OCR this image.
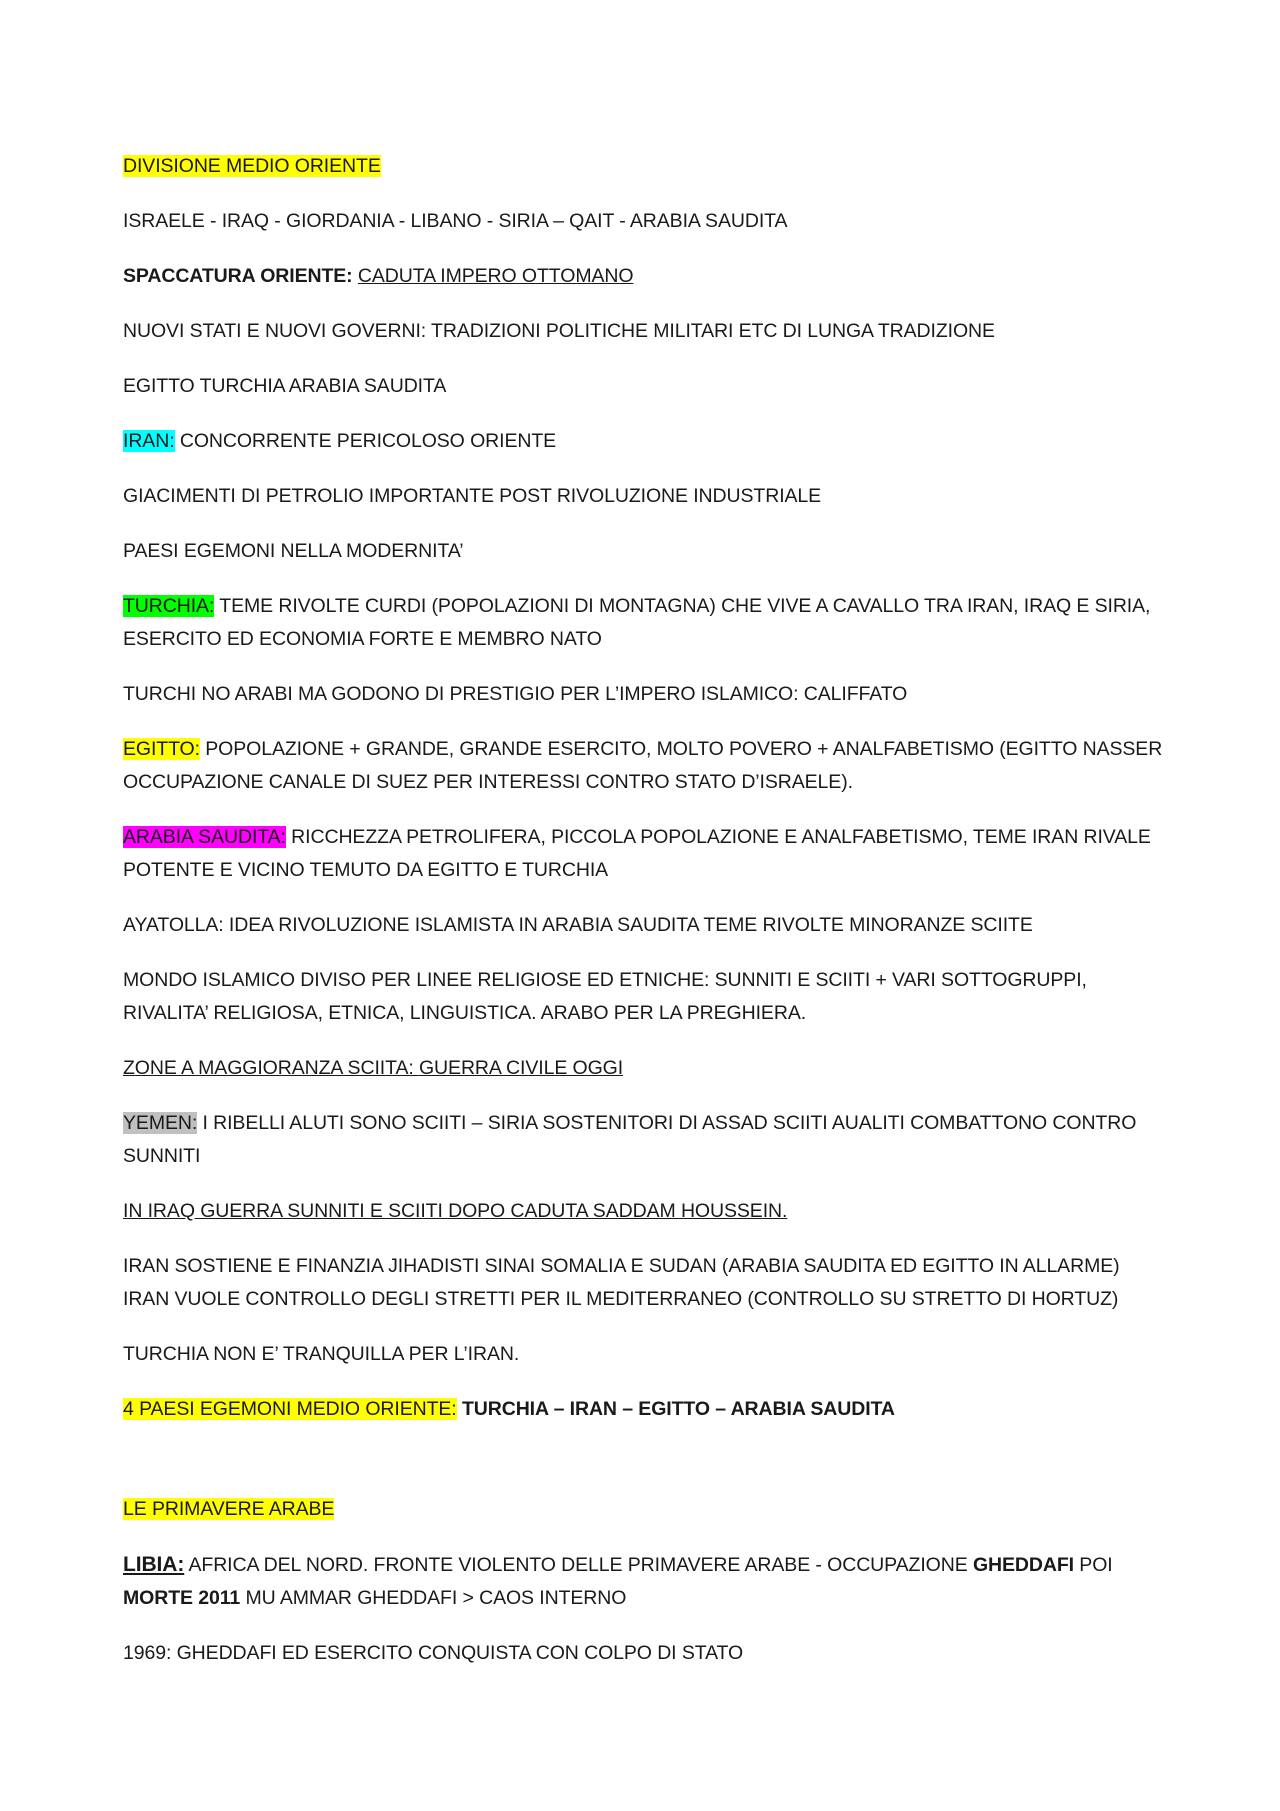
DIVISIONE MEDIO ORIENTE

ISRAELE - IRAQ - GIORDANIA - LIBANO - SIRIA – QAIT - ARABIA SAUDITA

SPACCATURA ORIENTE: CADUTA IMPERO OTTOMANO

NUOVI STATI E NUOVI GOVERNI: TRADIZIONI POLITICHE MILITARI ETC DI LUNGA TRADIZIONE

EGITTO TURCHIA ARABIA SAUDITA

IRAN: CONCORRENTE PERICOLOSO ORIENTE

GIACIMENTI DI PETROLIO IMPORTANTE POST RIVOLUZIONE INDUSTRIALE

PAESI EGEMONI NELLA MODERNITA’

TURCHIA: TEME RIVOLTE CURDI (POPOLAZIONI DI MONTAGNA) CHE VIVE A CAVALLO TRA IRAN, IRAQ E SIRIA, ESERCITO ED ECONOMIA FORTE E MEMBRO NATO

TURCHI NO ARABI MA GODONO DI PRESTIGIO PER L’IMPERO ISLAMICO: CALIFFATO

EGITTO: POPOLAZIONE + GRANDE, GRANDE ESERCITO, MOLTO POVERO + ANALFABETISMO (EGITTO NASSER OCCUPAZIONE CANALE DI SUEZ PER INTERESSI CONTRO STATO D’ISRAELE).

ARABIA SAUDITA: RICCHEZZA PETROLIFERA, PICCOLA POPOLAZIONE E ANALFABETISMO, TEME IRAN RIVALE POTENTE E VICINO TEMUTO DA EGITTO E TURCHIA

AYATOLLA: IDEA RIVOLUZIONE ISLAMISTA IN ARABIA SAUDITA TEME RIVOLTE MINORANZE SCIITE

MONDO ISLAMICO DIVISO PER LINEE RELIGIOSE ED ETNICHE: SUNNITI E SCIITI + VARI SOTTOGRUPPI, RIVALITA’ RELIGIOSA, ETNICA, LINGUISTICA. ARABO PER LA PREGHIERA.

ZONE A MAGGIORANZA SCIITA: GUERRA CIVILE OGGI

YEMEN: I RIBELLI ALUTI SONO SCIITI – SIRIA SOSTENITORI DI ASSAD SCIITI AUALITI COMBATTONO CONTRO SUNNITI

IN IRAQ GUERRA SUNNITI E SCIITI DOPO CADUTA SADDAM HOUSSEIN.

IRAN SOSTIENE E FINANZIA JIHADISTI SINAI SOMALIA E SUDAN (ARABIA SAUDITA ED EGITTO IN ALLARME)
IRAN VUOLE CONTROLLO DEGLI STRETTI PER IL MEDITERRANEO (CONTROLLO SU STRETTO DI HORTUZ)

TURCHIA NON E’ TRANQUILLA PER L’IRAN.

4 PAESI EGEMONI MEDIO ORIENTE: TURCHIA – IRAN – EGITTO – ARABIA SAUDITA

LE PRIMAVERE ARABE

LIBIA: AFRICA DEL NORD. FRONTE VIOLENTO DELLE PRIMAVERE ARABE - OCCUPAZIONE GHEDDAFI POI MORTE 2011 MU AMMAR GHEDDAFI > CAOS INTERNO

1969: GHEDDAFI ED ESERCITO CONQUISTA CON COLPO DI STATO
